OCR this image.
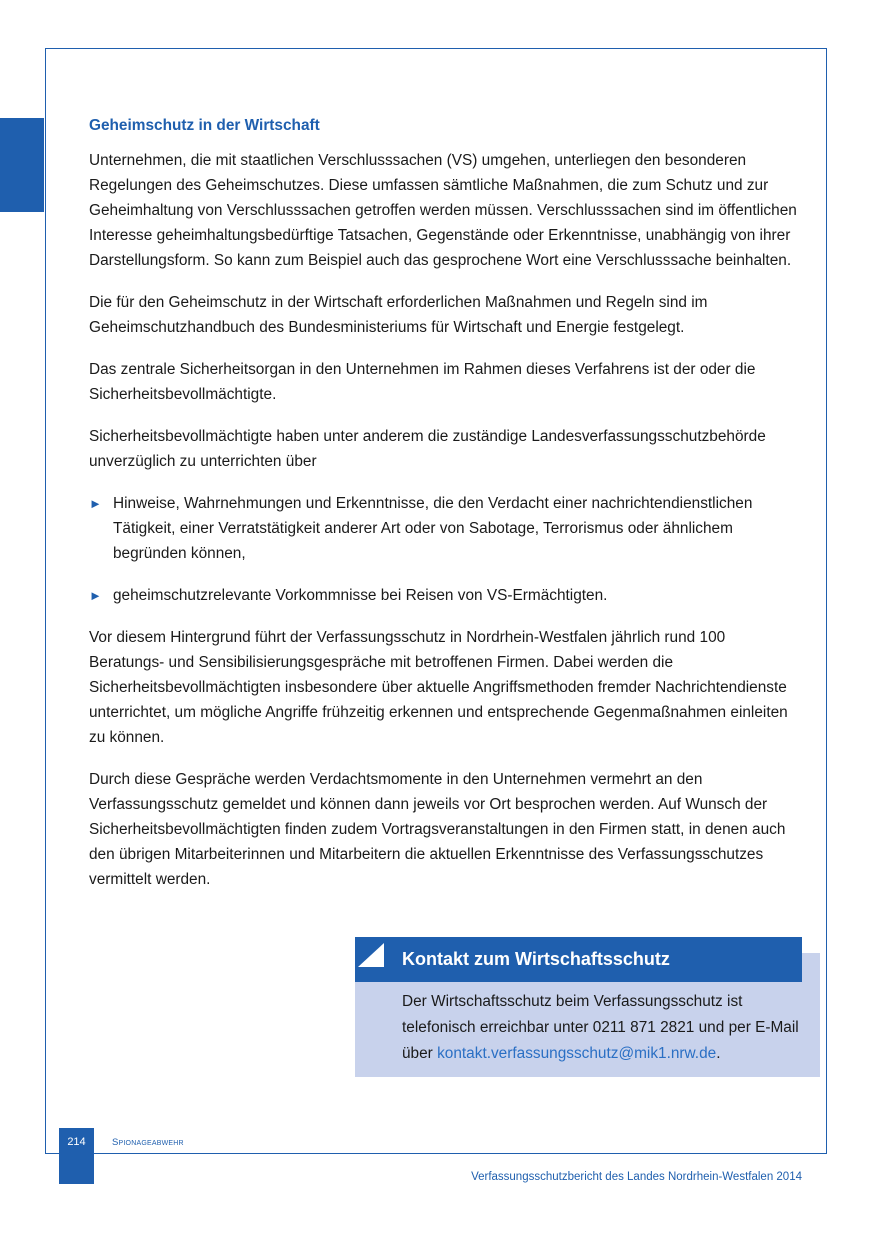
Geheimschutz in der Wirtschaft

Unternehmen, die mit staatlichen Verschlusssachen (VS) umgehen, unterliegen den besonderen Regelungen des Geheimschutzes. Diese umfassen sämtliche Maßnahmen, die zum Schutz und zur Geheimhaltung von Verschlusssachen getroffen werden müssen. Verschlusssachen sind im öffentlichen Interesse geheimhaltungsbedürftige Tatsachen, Gegenstände oder Erkenntnisse, unabhängig von ihrer Darstellungsform. So kann zum Beispiel auch das gesprochene Wort eine Verschlusssache beinhalten.

Die für den Geheimschutz in der Wirtschaft erforderlichen Maßnahmen und Regeln sind im Geheimschutzhandbuch des Bundesministeriums für Wirtschaft und Energie festgelegt.

Das zentrale Sicherheitsorgan in den Unternehmen im Rahmen dieses Verfahrens ist der oder die Sicherheitsbevollmächtigte.

Sicherheitsbevollmächtigte haben unter anderem die zuständige Landesverfassungsschutzbehörde unverzüglich zu unterrichten über

► Hinweise, Wahrnehmungen und Erkenntnisse, die den Verdacht einer nachrichtendienstlichen Tätigkeit, einer Verratstätigkeit anderer Art oder von Sabotage, Terrorismus oder ähnlichem begründen können,
► geheimschutzrelevante Vorkommnisse bei Reisen von VS-Ermächtigten.

Vor diesem Hintergrund führt der Verfassungsschutz in Nordrhein-Westfalen jährlich rund 100 Beratungs- und Sensibilisierungsgespräche mit betroffenen Firmen. Dabei werden die Sicherheitsbevollmächtigten insbesondere über aktuelle Angriffsmethoden fremder Nachrichtendienste unterrichtet, um mögliche Angriffe frühzeitig erkennen und entsprechende Gegenmaßnahmen einleiten zu können.

Durch diese Gespräche werden Verdachtsmomente in den Unternehmen vermehrt an den Verfassungsschutz gemeldet und können dann jeweils vor Ort besprochen werden. Auf Wunsch der Sicherheitsbevollmächtigten finden zudem Vortragsveranstaltungen in den Firmen statt, in denen auch den übrigen Mitarbeiterinnen und Mitarbeitern die aktuellen Erkenntnisse des Verfassungsschutzes vermittelt werden.

Kontakt zum Wirtschaftsschutz
Der Wirtschaftsschutz beim Verfassungsschutz ist telefonisch erreichbar unter 0211 871 2821 und per E-Mail über kontakt.verfassungsschutz@mik1.nrw.de.
214	Spionageabwehr
Verfassungsschutzbericht des Landes Nordrhein-Westfalen 2014
